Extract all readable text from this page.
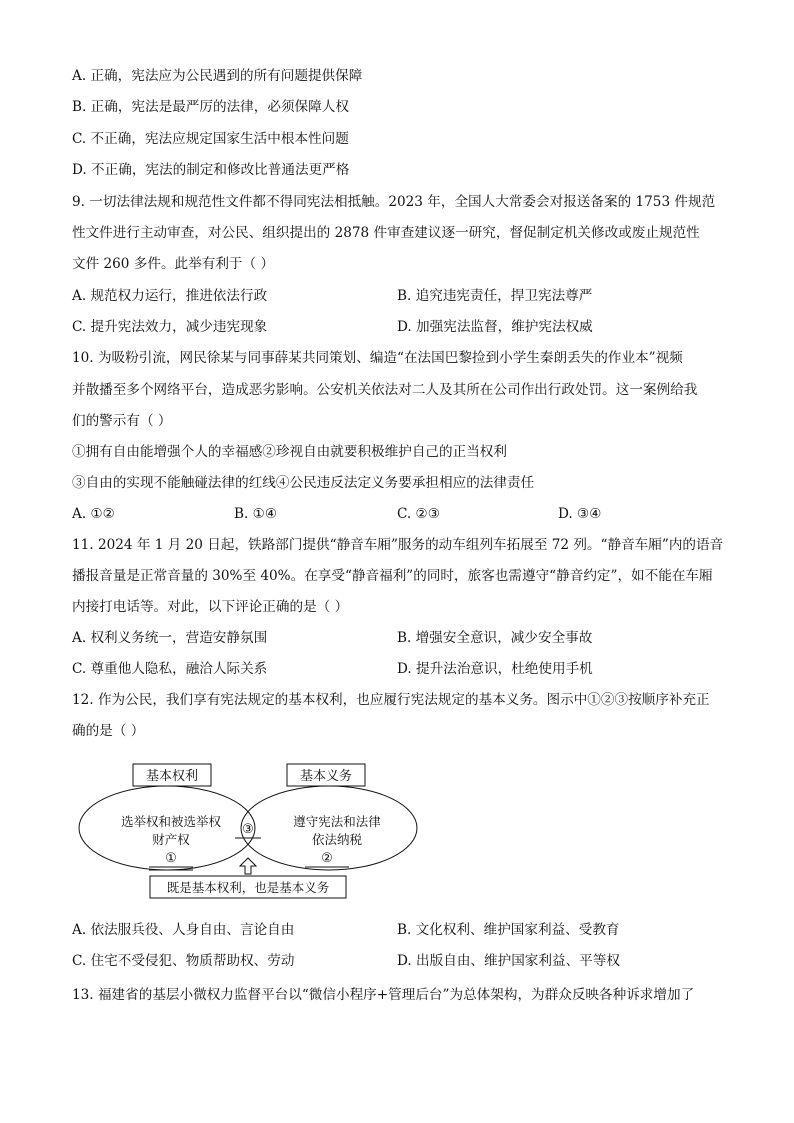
A. 正确，宪法应为公民遇到的所有问题提供保障
B. 正确，宪法是最严厉的法律，必须保障人权
C. 不正确，宪法应规定国家生活中根本性问题
D. 不正确，宪法的制定和修改比普通法更严格
9. 一切法律法规和规范性文件都不得同宪法相抵触。2023 年，全国人大常委会对报送备案的 1753 件规范
性文件进行主动审查，对公民、组织提出的 2878 件审查建议逐一研究，督促制定机关修改或废止规范性
文件 260 多件。此举有利于（ ）
A. 规范权力运行，推进依法行政	B. 追究违宪责任，捍卫宪法尊严
C. 提升宪法效力，减少违宪现象	D. 加强宪法监督，维护宪法权威
10. 为吸粉引流，网民徐某与同事薛某共同策划、编造“在法国巴黎捡到小学生秦朗丢失的作业本”视频
并散播至多个网络平台，造成恶劣影响。公安机关依法对二人及其所在公司作出行政处罚。这一案例给我
们的警示有（ ）
①拥有自由能增强个人的幸福感②珍视自由就要积极维护自己的正当权利
③自由的实现不能触碰法律的红线④公民违反法定义务要承担相应的法律责任
A. ①②	B. ①④	C. ②③	D. ③④
11. 2024 年 1 月 20 日起，铁路部门提供“静音车厢”服务的动车组列车拓展至 72 列。“静音车厢”内的语音
播报音量是正常音量的 30%至 40%。在享受“静音福利”的同时，旅客也需遵守“静音约定”，如不能在车厢
内接打电话等。对此，以下评论正确的是（ ）
A. 权利义务统一，营造安静氛围	B. 增强安全意识，减少安全事故
C. 尊重他人隐私，融洽人际关系	D. 提升法治意识，杜绝使用手机
12. 作为公民，我们享有宪法规定的基本权利，也应履行宪法规定的基本义务。图示中①②③按顺序补充正
确的是（ ）
基本权利	基本义务
选举权和被选举权
财产权
①
③
遵守宪法和法律
依法纳税
②
既是基本权利，也是基本义务
A. 依法服兵役、人身自由、言论自由	B. 文化权利、维护国家利益、受教育
C. 住宅不受侵犯、物质帮助权、劳动	D. 出版自由、维护国家利益、平等权
13. 福建省的基层小微权力监督平台以“微信小程序+管理后台”为总体架构，为群众反映各种诉求增加了
